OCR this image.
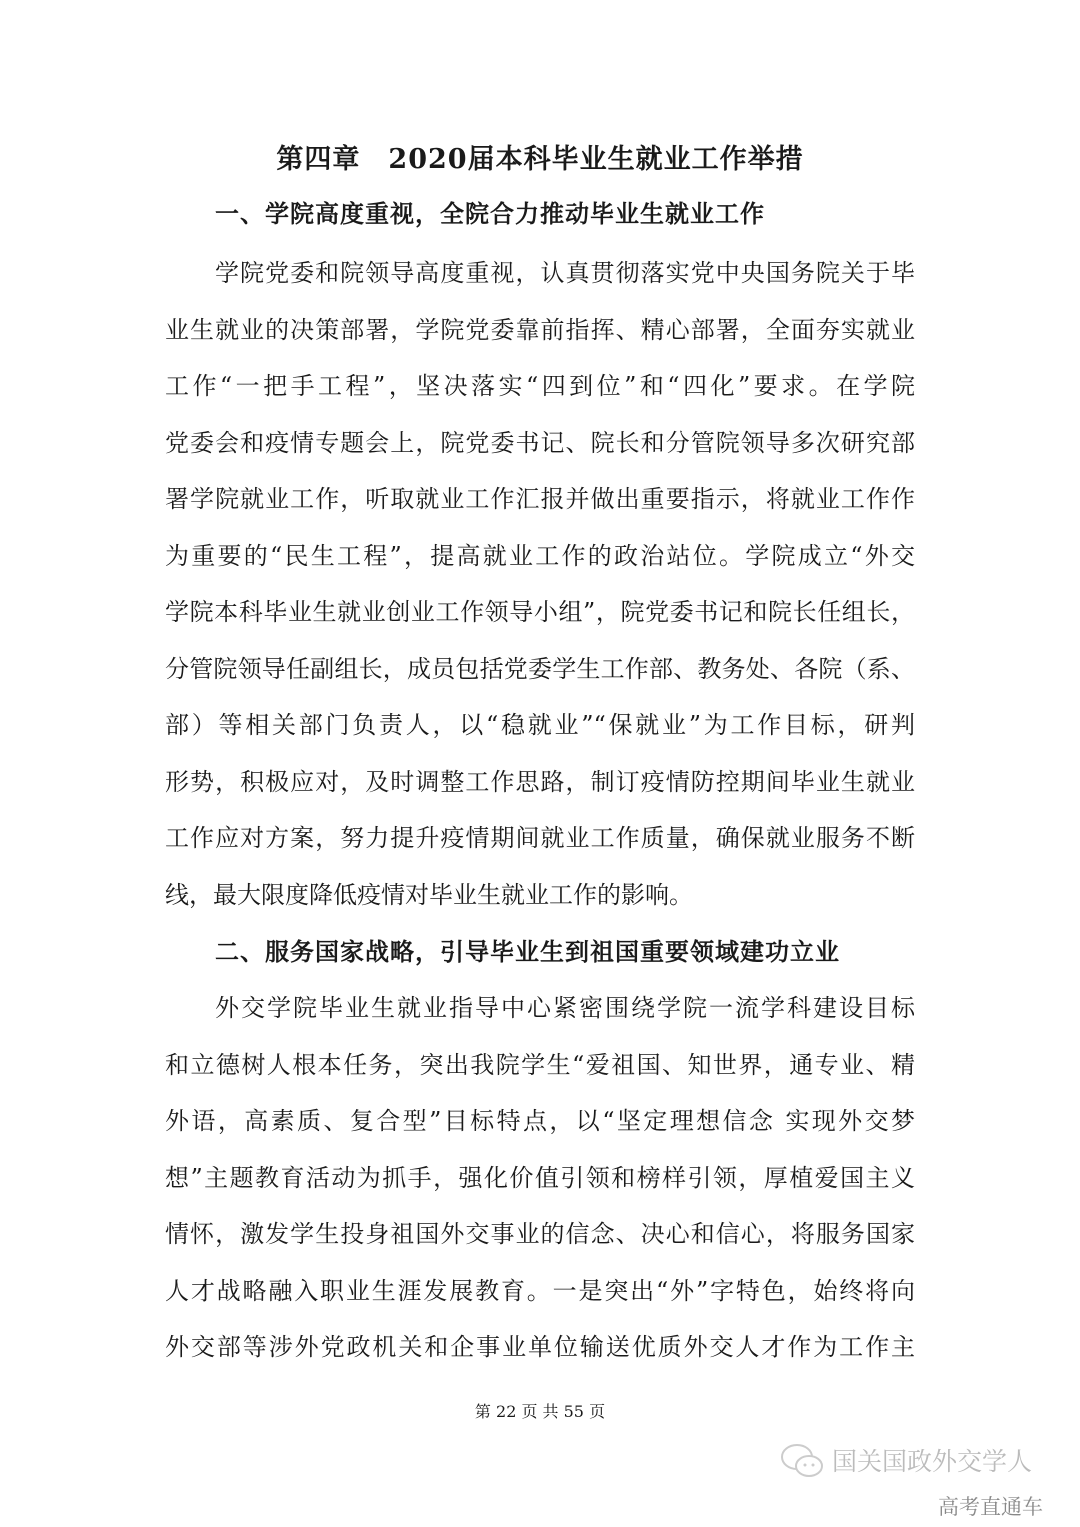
第四章　2020届本科毕业生就业工作举措
一、学院高度重视，全院合力推动毕业生就业工作
学院党委和院领导高度重视，认真贯彻落实党中央国务院关于毕
业生就业的决策部署，学院党委靠前指挥、精心部署，全面夯实就业
工作“一把手工程”，坚决落实“四到位”和“四化”要求。在学院
党委会和疫情专题会上，院党委书记、院长和分管院领导多次研究部
署学院就业工作，听取就业工作汇报并做出重要指示，将就业工作作
为重要的“民生工程”，提高就业工作的政治站位。学院成立“外交
学院本科毕业生就业创业工作领导小组”，院党委书记和院长任组长，
分管院领导任副组长，成员包括党委学生工作部、教务处、各院（系、
部）等相关部门负责人，以“稳就业”“保就业”为工作目标，研判
形势，积极应对，及时调整工作思路，制订疫情防控期间毕业生就业
工作应对方案，努力提升疫情期间就业工作质量，确保就业服务不断
线，最大限度降低疫情对毕业生就业工作的影响。
二、服务国家战略，引导毕业生到祖国重要领域建功立业
外交学院毕业生就业指导中心紧密围绕学院一流学科建设目标
和立德树人根本任务，突出我院学生“爱祖国、知世界，通专业、精
外语，高素质、复合型”目标特点，以“坚定理想信念 实现外交梦
想”主题教育活动为抓手，强化价值引领和榜样引领，厚植爱国主义
情怀，激发学生投身祖国外交事业的信念、决心和信心，将服务国家
人才战略融入职业生涯发展教育。一是突出“外”字特色，始终将向
外交部等涉外党政机关和企事业单位输送优质外交人才作为工作主
第 22 页 共 55 页
国关国政外交学人
高考直通车
